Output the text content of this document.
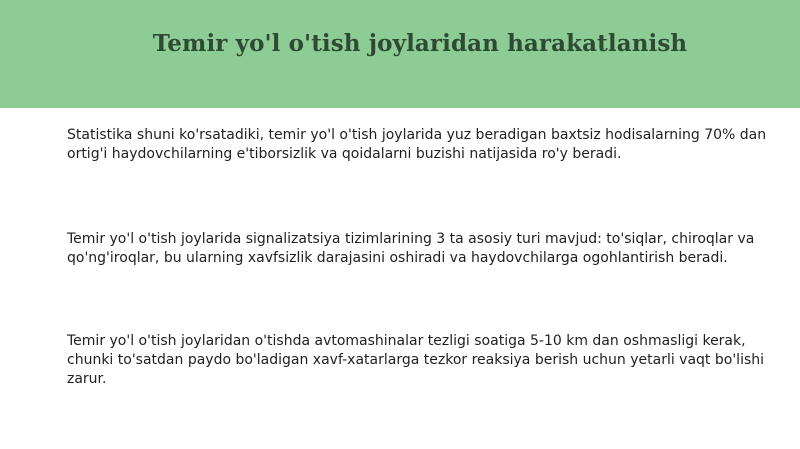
Temir yo'l o'tish joylaridan harakatlanish

Statistika shuni ko'rsatadiki, temir yo'l o'tish joylarida yuz beradigan baxtsiz hodisalarning 70% dan ortig'i haydovchilarning e'tiborsizlik va qoidalarni buzishi natijasida ro'y beradi.

Temir yo'l o'tish joylarida signalizatsiya tizimlarining 3 ta asosiy turi mavjud: to'siqlar, chiroqlar va qo'ng'iroqlar, bu ularning xavfsizlik darajasini oshiradi va haydovchilarga ogohlantirish beradi.

Temir yo'l o'tish joylaridan o'tishda avtomashinalar tezligi soatiga 5-10 km dan oshmasligi kerak, chunki to'satdan paydo bo'ladigan xavf-xatarlarga tezkor reaksiya berish uchun yetarli vaqt bo'lishi zarur.
